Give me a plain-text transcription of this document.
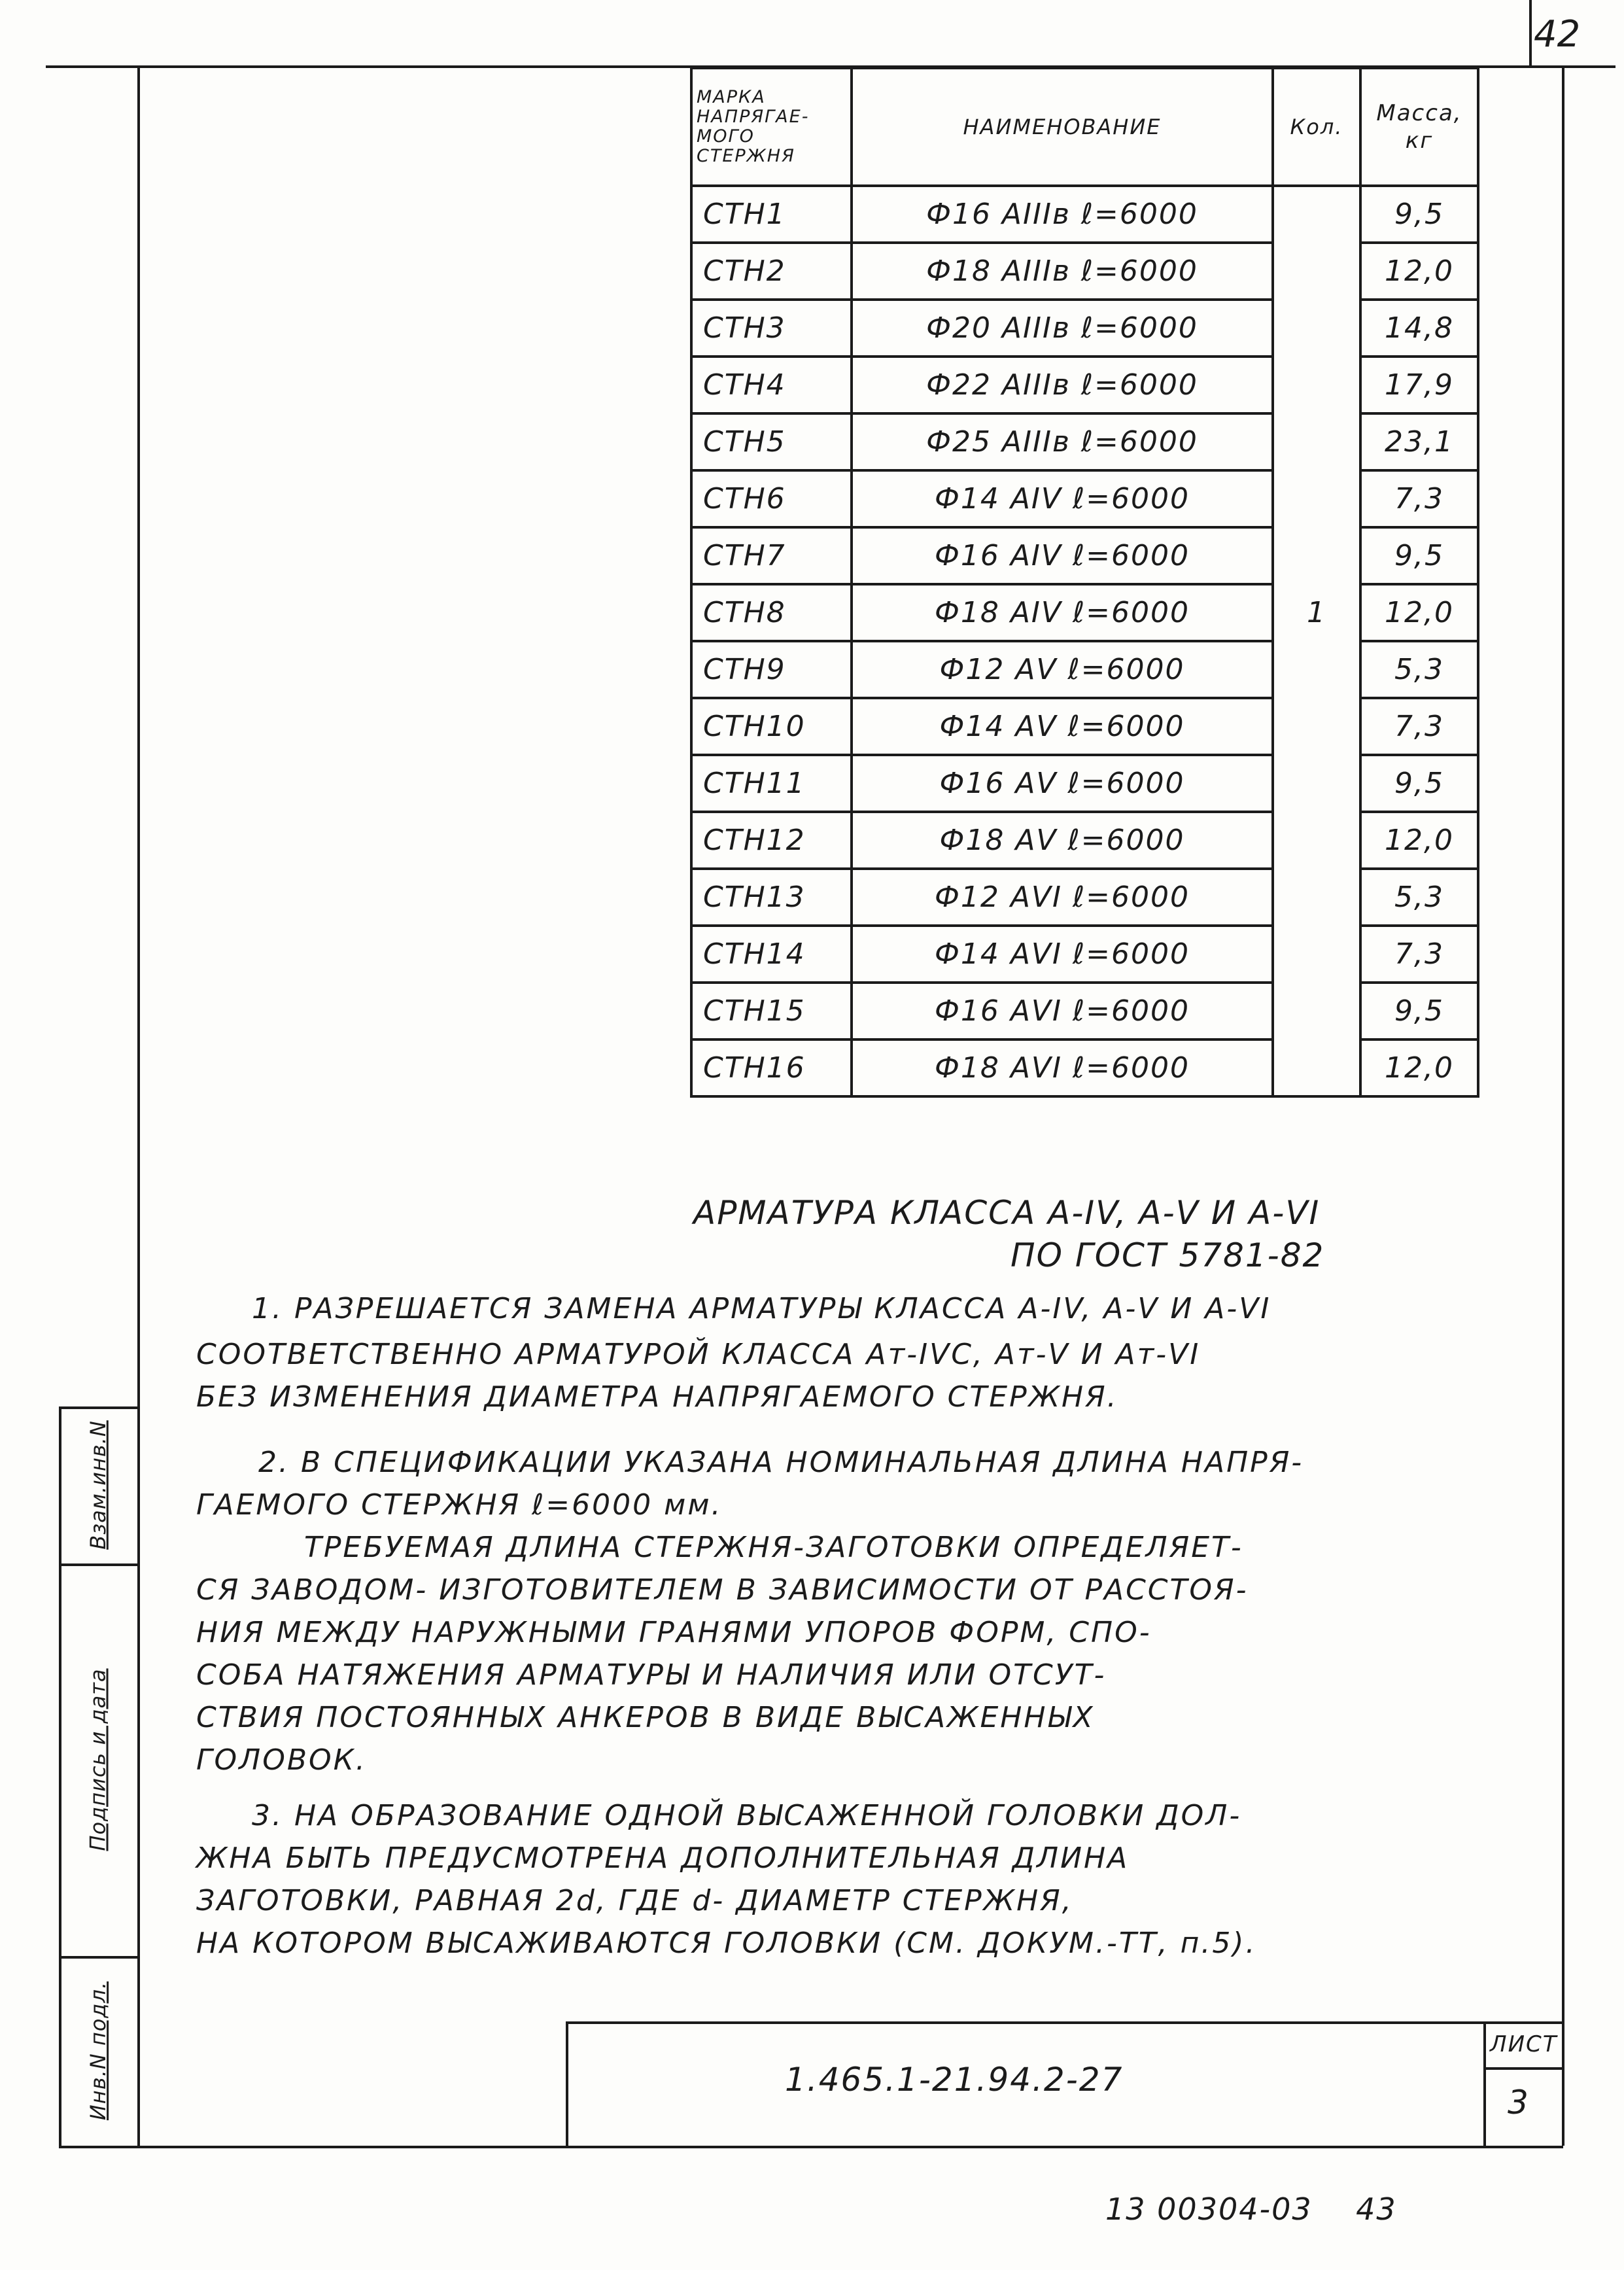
42
МАРКА НАПРЯГАЕ-МОГО СТЕРЖНЯ	НАИМЕНОВАНИЕ	Кол.	Масса, кг
СТН1	Ф16 АIIIв ℓ=6000		9,5
СТН2	Ф18 АIIIв ℓ=6000		12,0
СТН3	Ф20 АIIIв ℓ=6000		14,8
СТН4	Ф22 АIIIв ℓ=6000		17,9
СТН5	Ф25 АIIIв ℓ=6000		23,1
СТН6	Ф14 АIV ℓ=6000		7,3
СТН7	Ф16 АIV ℓ=6000		9,5
СТН8	Ф18 АIV ℓ=6000	1	12,0
СТН9	Ф12 АV ℓ=6000		5,3
СТН10	Ф14 АV ℓ=6000		7,3
СТН11	Ф16 АV ℓ=6000		9,5
СТН12	Ф18 АV ℓ=6000		12,0
СТН13	Ф12 АVI ℓ=6000		5,3
СТН14	Ф14 АVI ℓ=6000		7,3
СТН15	Ф16 АVI ℓ=6000		9,5
СТН16	Ф18 АVI ℓ=6000		12,0
АРМАТУРА КЛАССА А-IV, А-V И А-VI
ПО ГОСТ 5781-82
1. РАЗРЕШАЕТСЯ ЗАМЕНА АРМАТУРЫ КЛАССА А-IV, А-V И А-VI
СООТВЕТСТВЕННО АРМАТУРОЙ КЛАССА Ат-IVС, Ат-V И Ат-VI
БЕЗ ИЗМЕНЕНИЯ ДИАМЕТРА НАПРЯГАЕМОГО СТЕРЖНЯ.
2. В СПЕЦИФИКАЦИИ УКАЗАНА НОМИНАЛЬНАЯ ДЛИНА НАПРЯ-
ГАЕМОГО СТЕРЖНЯ ℓ=6000 мм.
ТРЕБУЕМАЯ ДЛИНА СТЕРЖНЯ-ЗАГОТОВКИ ОПРЕДЕЛЯЕТ-
СЯ ЗАВОДОМ- ИЗГОТОВИТЕЛЕМ В ЗАВИСИМОСТИ ОТ РАССТОЯ-
НИЯ МЕЖДУ НАРУЖНЫМИ ГРАНЯМИ УПОРОВ ФОРМ, СПО-
СОБА НАТЯЖЕНИЯ АРМАТУРЫ И НАЛИЧИЯ ИЛИ ОТСУТ-
СТВИЯ ПОСТОЯННЫХ АНКЕРОВ В ВИДЕ ВЫСАЖЕННЫХ
ГОЛОВОК.
3. НА ОБРАЗОВАНИЕ ОДНОЙ ВЫСАЖЕННОЙ ГОЛОВКИ ДОЛ-
ЖНА БЫТЬ ПРЕДУСМОТРЕНА ДОПОЛНИТЕЛЬНАЯ ДЛИНА
ЗАГОТОВКИ, РАВНАЯ 2d, ГДЕ d- ДИАМЕТР СТЕРЖНЯ,
НА КОТОРОМ ВЫСАЖИВАЮТСЯ ГОЛОВКИ (СМ. ДОКУМ.-ТТ, п.5).
Взам.инв.N
Подпись и дата
Инв.N подл.	1.465.1-21.94.2-27
ЛИСТ
3
13 00304-03    43
